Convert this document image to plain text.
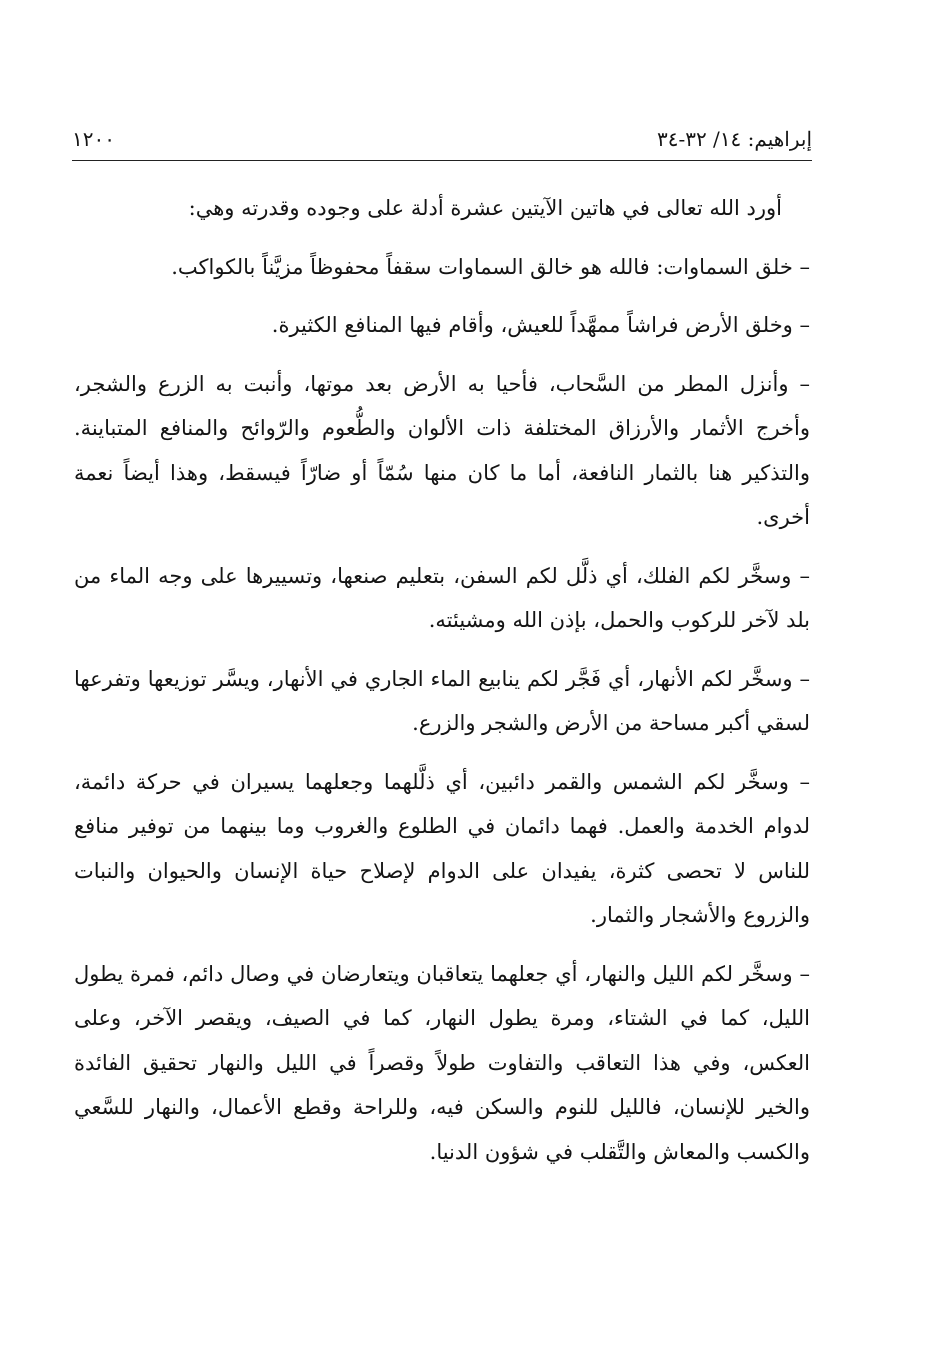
إبراهيم: ١٤/ ٣٢-٣٤
١٢٠٠

أورد الله تعالى في هاتين الآيتين عشرة أدلة على وجوده وقدرته وهي:

– خلق السماوات: فالله هو خالق السماوات سقفاً محفوظاً مزيَّناً بالكواكب.

– وخلق الأرض فراشاً ممهَّداً للعيش، وأقام فيها المنافع الكثيرة.

– وأنزل المطر من السَّحاب، فأحيا به الأرض بعد موتها، وأنبت به الزرع والشجر، وأخرج الأثمار والأرزاق المختلفة ذات الألوان والطُّعوم والرّوائح والمنافع المتباينة. والتذكير هنا بالثمار النافعة، أما ما كان منها سُمّاً أو ضارّاً فيسقط، وهذا أيضاً نعمة أخرى.

– وسخَّر لكم الفلك، أي ذلَّل لكم السفن، بتعليم صنعها، وتسييرها على وجه الماء من بلد لآخر للركوب والحمل، بإذن الله ومشيئته.

– وسخَّر لكم الأنهار، أي فَجَّر لكم ينابيع الماء الجاري في الأنهار، ويسَّر توزيعها وتفرعها لسقي أكبر مساحة من الأرض والشجر والزرع.

– وسخَّر لكم الشمس والقمر دائبين، أي ذلَّلهما وجعلهما يسيران في حركة دائمة، لدوام الخدمة والعمل. فهما دائمان في الطلوع والغروب وما بينهما من توفير منافع للناس لا تحصى كثرة، يفيدان على الدوام لإصلاح حياة الإنسان والحيوان والنبات والزروع والأشجار والثمار.

– وسخَّر لكم الليل والنهار، أي جعلهما يتعاقبان ويتعارضان في وصال دائم، فمرة يطول الليل، كما في الشتاء، ومرة يطول النهار، كما في الصيف، ويقصر الآخر، وعلى العكس، وفي هذا التعاقب والتفاوت طولاً وقصراً في الليل والنهار تحقيق الفائدة والخير للإنسان، فالليل للنوم والسكن فيه، وللراحة وقطع الأعمال، والنهار للسَّعي والكسب والمعاش والتَّقلب في شؤون الدنيا.
